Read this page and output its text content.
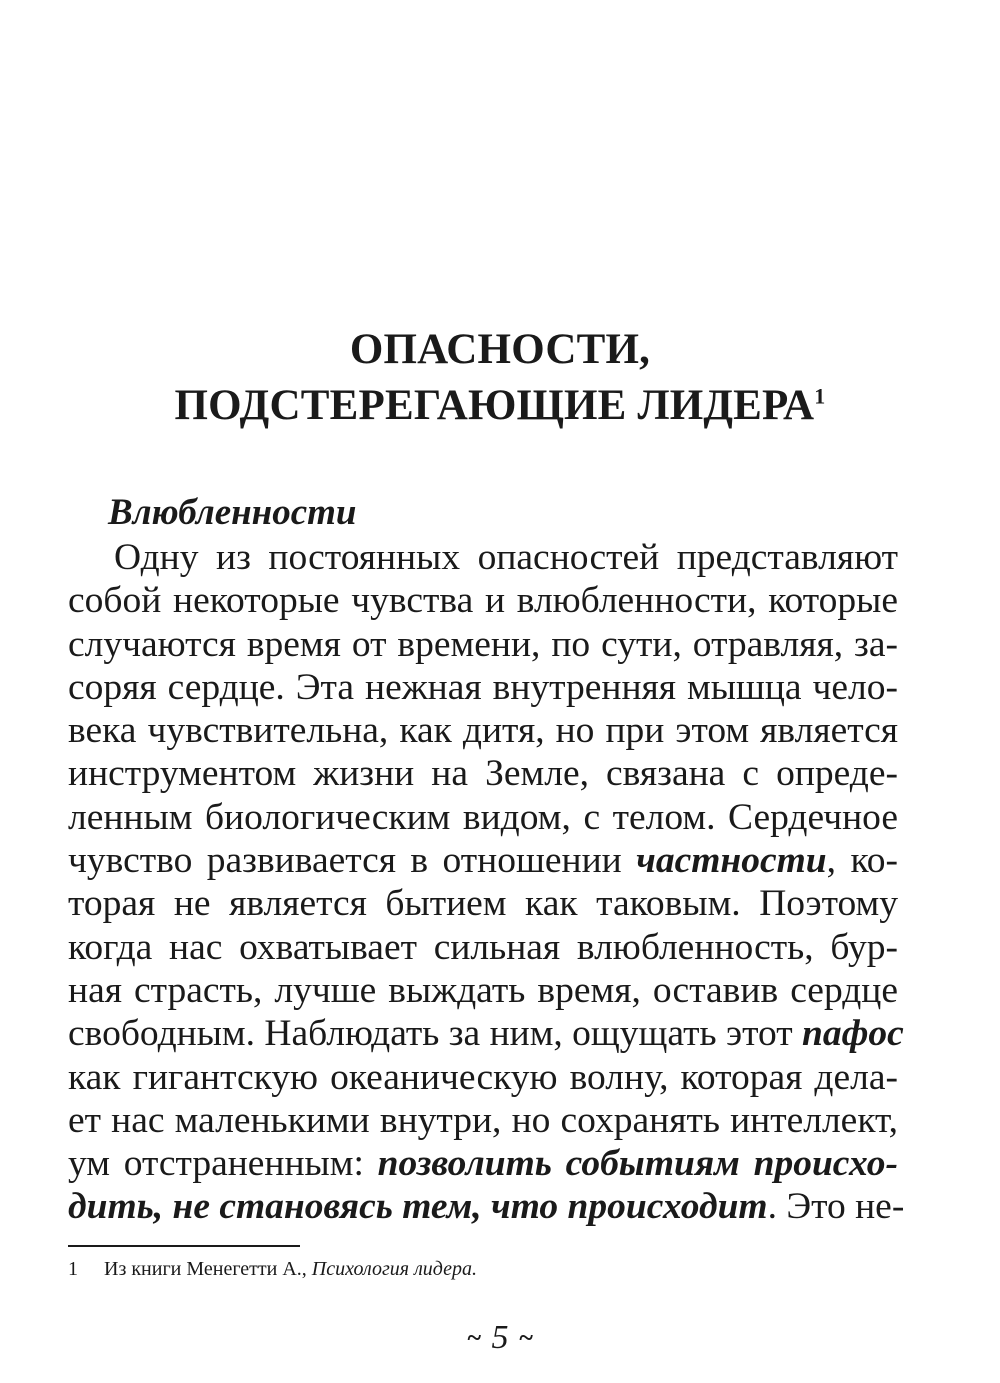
ОПАСНОСТИ,
ПОДСТЕРЕГАЮЩИЕ ЛИДЕРА$^1$
Влюбленности
Одну из постоянных опасностей представляют
собой некоторые чувства и влюбленности, которые
случаются время от времени, по сути, отравляя, за-
соряя сердце. Эта нежная внутренняя мышца чело-
века чувствительна, как дитя, но при этом является
инструментом жизни на Земле, связана с опреде-
ленным биологическим видом, с телом. Сердечное
чувство развивается в отношении частности, ко-
торая не является бытием как таковым. Поэтому
когда нас охватывает сильная влюбленность, бур-
ная страсть, лучше выждать время, оставив сердце
свободным. Наблюдать за ним, ощущать этот пафос
как гигантскую океаническую волну, которая дела-
ет нас маленькими внутри, но сохранять интеллект,
ум отстраненным: позволить событиям происхо-
дить, не становясь тем, что происходит. Это не-
1 Из книги Менегетти А., Психология лидера.
~ 5 ~
